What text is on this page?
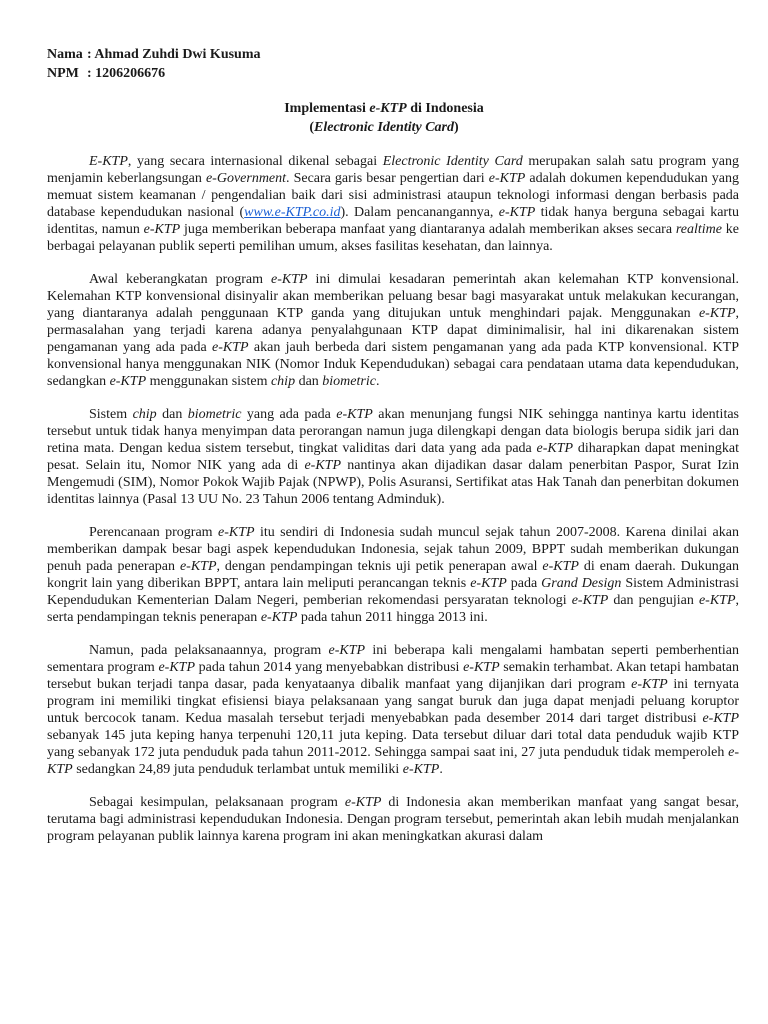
Nama : Ahmad Zuhdi Dwi Kusuma
NPM : 1206206676
Implementasi e-KTP di Indonesia
(Electronic Identity Card)

E-KTP, yang secara internasional dikenal sebagai Electronic Identity Card merupakan salah satu program yang menjamin keberlangsungan e-Government. Secara garis besar pengertian dari e-KTP adalah dokumen kependudukan yang memuat sistem keamanan / pengendalian baik dari sisi administrasi ataupun teknologi informasi dengan berbasis pada database kependudukan nasional (www.e-KTP.co.id). Dalam pencanangannya, e-KTP tidak hanya berguna sebagai kartu identitas, namun e-KTP juga memberikan beberapa manfaat yang diantaranya adalah memberikan akses secara realtime ke berbagai pelayanan publik seperti pemilihan umum, akses fasilitas kesehatan, dan lainnya.

Awal keberangkatan program e-KTP ini dimulai kesadaran pemerintah akan kelemahan KTP konvensional. Kelemahan KTP konvensional disinyalir akan memberikan peluang besar bagi masyarakat untuk melakukan kecurangan, yang diantaranya adalah penggunaan KTP ganda yang ditujukan untuk menghindari pajak. Menggunakan e-KTP, permasalahan yang terjadi karena adanya penyalahgunaan KTP dapat diminimalisir, hal ini dikarenakan sistem pengamanan yang ada pada e-KTP akan jauh berbeda dari sistem pengamanan yang ada pada KTP konvensional. KTP konvensional hanya menggunakan NIK (Nomor Induk Kependudukan) sebagai cara pendataan utama data kependudukan, sedangkan e-KTP menggunakan sistem chip dan biometric.

Sistem chip dan biometric yang ada pada e-KTP akan menunjang fungsi NIK sehingga nantinya kartu identitas tersebut untuk tidak hanya menyimpan data perorangan namun juga dilengkapi dengan data biologis berupa sidik jari dan retina mata. Dengan kedua sistem tersebut, tingkat validitas dari data yang ada pada e-KTP diharapkan dapat meningkat pesat. Selain itu, Nomor NIK yang ada di e-KTP nantinya akan dijadikan dasar dalam penerbitan Paspor, Surat Izin Mengemudi (SIM), Nomor Pokok Wajib Pajak (NPWP), Polis Asuransi, Sertifikat atas Hak Tanah dan penerbitan dokumen identitas lainnya (Pasal 13 UU No. 23 Tahun 2006 tentang Adminduk).

Perencanaan program e-KTP itu sendiri di Indonesia sudah muncul sejak tahun 2007-2008. Karena dinilai akan memberikan dampak besar bagi aspek kependudukan Indonesia, sejak tahun 2009, BPPT sudah memberikan dukungan penuh pada penerapan e-KTP, dengan pendampingan teknis uji petik penerapan awal e-KTP di enam daerah. Dukungan kongrit lain yang diberikan BPPT, antara lain meliputi perancangan teknis e-KTP pada Grand Design Sistem Administrasi Kependudukan Kementerian Dalam Negeri, pemberian rekomendasi persyaratan teknologi e-KTP dan pengujian e-KTP, serta pendampingan teknis penerapan e-KTP pada tahun 2011 hingga 2013 ini.

Namun, pada pelaksanaannya, program e-KTP ini beberapa kali mengalami hambatan seperti pemberhentian sementara program e-KTP pada tahun 2014 yang menyebabkan distribusi e-KTP semakin terhambat. Akan tetapi hambatan tersebut bukan terjadi tanpa dasar, pada kenyataanya dibalik manfaat yang dijanjikan dari program e-KTP ini ternyata program ini memiliki tingkat efisiensi biaya pelaksanaan yang sangat buruk dan juga dapat menjadi peluang koruptor untuk bercocok tanam. Kedua masalah tersebut terjadi menyebabkan pada desember 2014 dari target distribusi e-KTP sebanyak 145 juta keping hanya terpenuhi 120,11 juta keping. Data tersebut diluar dari total data penduduk wajib KTP yang sebanyak 172 juta penduduk pada tahun 2011-2012. Sehingga sampai saat ini, 27 juta penduduk tidak memperoleh e-KTP sedangkan 24,89 juta penduduk terlambat untuk memiliki e-KTP.

Sebagai kesimpulan, pelaksanaan program e-KTP di Indonesia akan memberikan manfaat yang sangat besar, terutama bagi administrasi kependudukan Indonesia. Dengan program tersebut, pemerintah akan lebih mudah menjalankan program pelayanan publik lainnya karena program ini akan meningkatkan akurasi dalam
